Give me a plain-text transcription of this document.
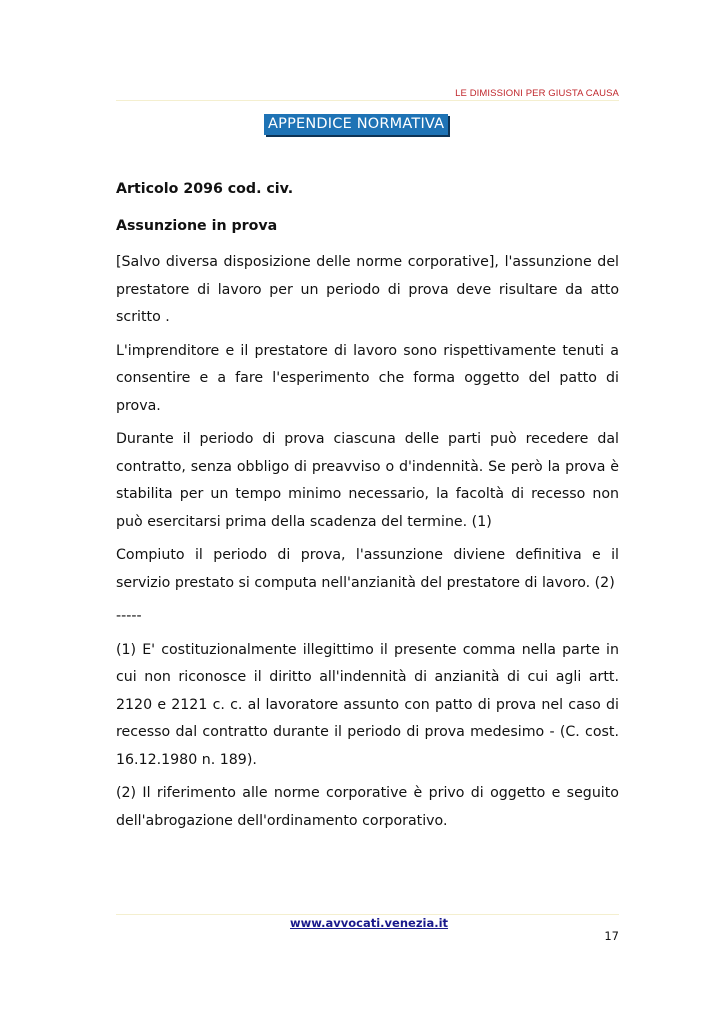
LE DIMISSIONI PER GIUSTA CAUSA
APPENDICE NORMATIVA

Articolo 2096 cod. civ.

Assunzione in prova

[Salvo diversa disposizione delle norme corporative], l'assunzione del prestatore di lavoro per un periodo di prova deve risultare da atto scritto .

L'imprenditore e il prestatore di lavoro sono rispettivamente tenuti a consentire e a fare l'esperimento che forma oggetto del patto di prova.

Durante il periodo di prova ciascuna delle parti può recedere dal contratto, senza obbligo di preavviso o d'indennità. Se però la prova è stabilita per un tempo minimo necessario, la facoltà di recesso non può esercitarsi prima della scadenza del termine. (1)

Compiuto il periodo di prova, l'assunzione diviene definitiva e il servizio prestato si computa nell'anzianità del prestatore di lavoro. (2)

-----

(1) E' costituzionalmente illegittimo il presente comma nella parte in cui non riconosce il diritto all'indennità di anzianità di cui agli artt. 2120 e 2121 c. c. al lavoratore assunto con patto di prova nel caso di recesso dal contratto durante il periodo di prova medesimo - (C. cost. 16.12.1980 n. 189).

(2) Il riferimento alle norme corporative è privo di oggetto e seguito dell'abrogazione dell'ordinamento corporativo.

www.avvocati.venezia.it
17
